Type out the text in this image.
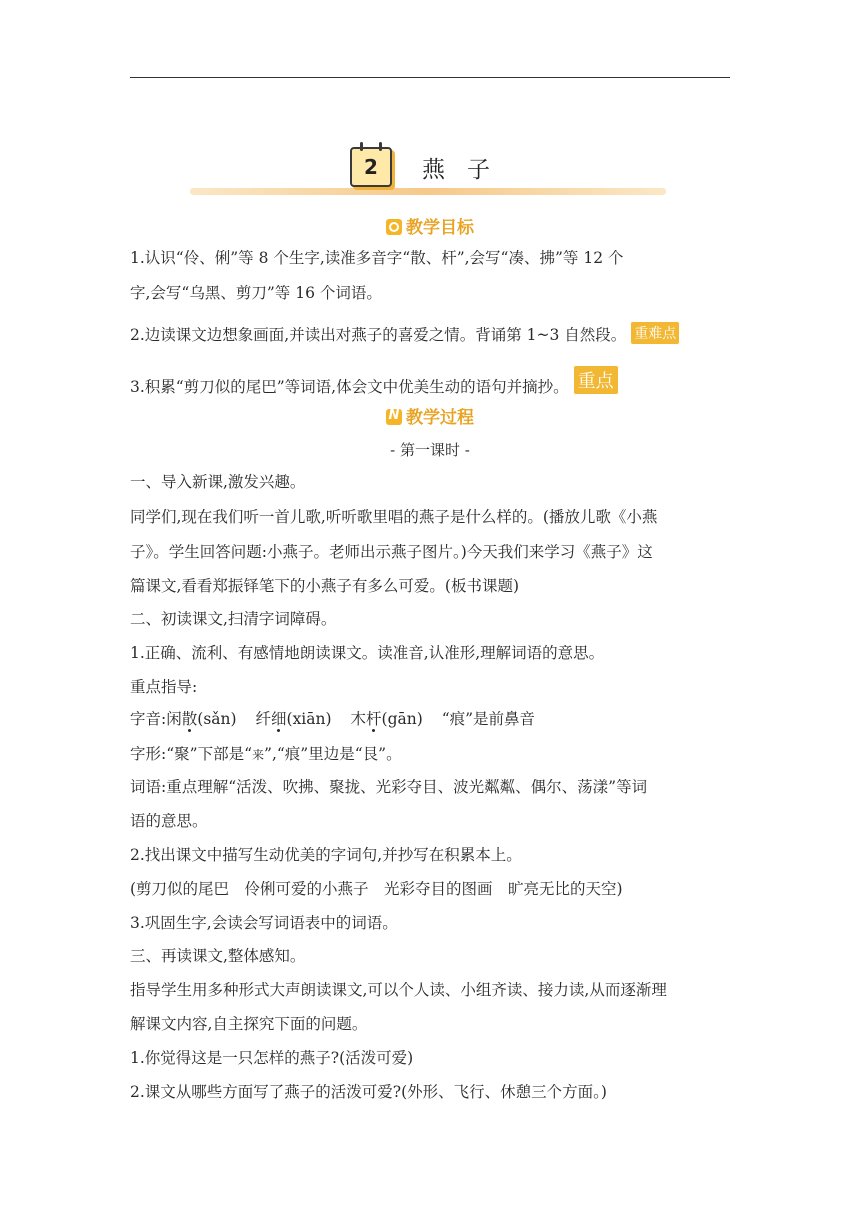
2	燕子
教学目标
1.认识“伶、俐”等 8 个生字,读准多音字“散、杆”,会写“凑、拂”等 12 个
字,会写“乌黑、剪刀”等 16 个词语。
2.边读课文边想象画面,并读出对燕子的喜爱之情。背诵第 1~3 自然段。 重难点
3.积累“剪刀似的尾巴”等词语,体会文中优美生动的语句并摘抄。 重点
N教学过程
- 第一课时 -
一、导入新课,激发兴趣。
同学们,现在我们听一首儿歌,听听歌里唱的燕子是什么样的。(播放儿歌《小燕
子》。学生回答问题:小燕子。老师出示燕子图片。)今天我们来学习《燕子》这
篇课文,看看郑振铎笔下的小燕子有多么可爱。(板书课题)
二、初读课文,扫清字词障碍。
1.正确、流利、有感情地朗读课文。读准音,认准形,理解词语的意思。
重点指导:
字音:闲散(sǎn) 纤细(xiān) 木杆(gān) “痕”是前鼻音
字形:“聚”下部是“来”,“痕”里边是“艮”。
词语:重点理解“活泼、吹拂、聚拢、光彩夺目、波光粼粼、偶尔、荡漾”等词
语的意思。
2.找出课文中描写生动优美的字词句,并抄写在积累本上。
(剪刀似的尾巴　伶俐可爱的小燕子　光彩夺目的图画　旷亮无比的天空)
3.巩固生字,会读会写词语表中的词语。
三、再读课文,整体感知。
指导学生用多种形式大声朗读课文,可以个人读、小组齐读、接力读,从而逐渐理
解课文内容,自主探究下面的问题。
1.你觉得这是一只怎样的燕子?(活泼可爱)
2.课文从哪些方面写了燕子的活泼可爱?(外形、飞行、休憩三个方面。)
